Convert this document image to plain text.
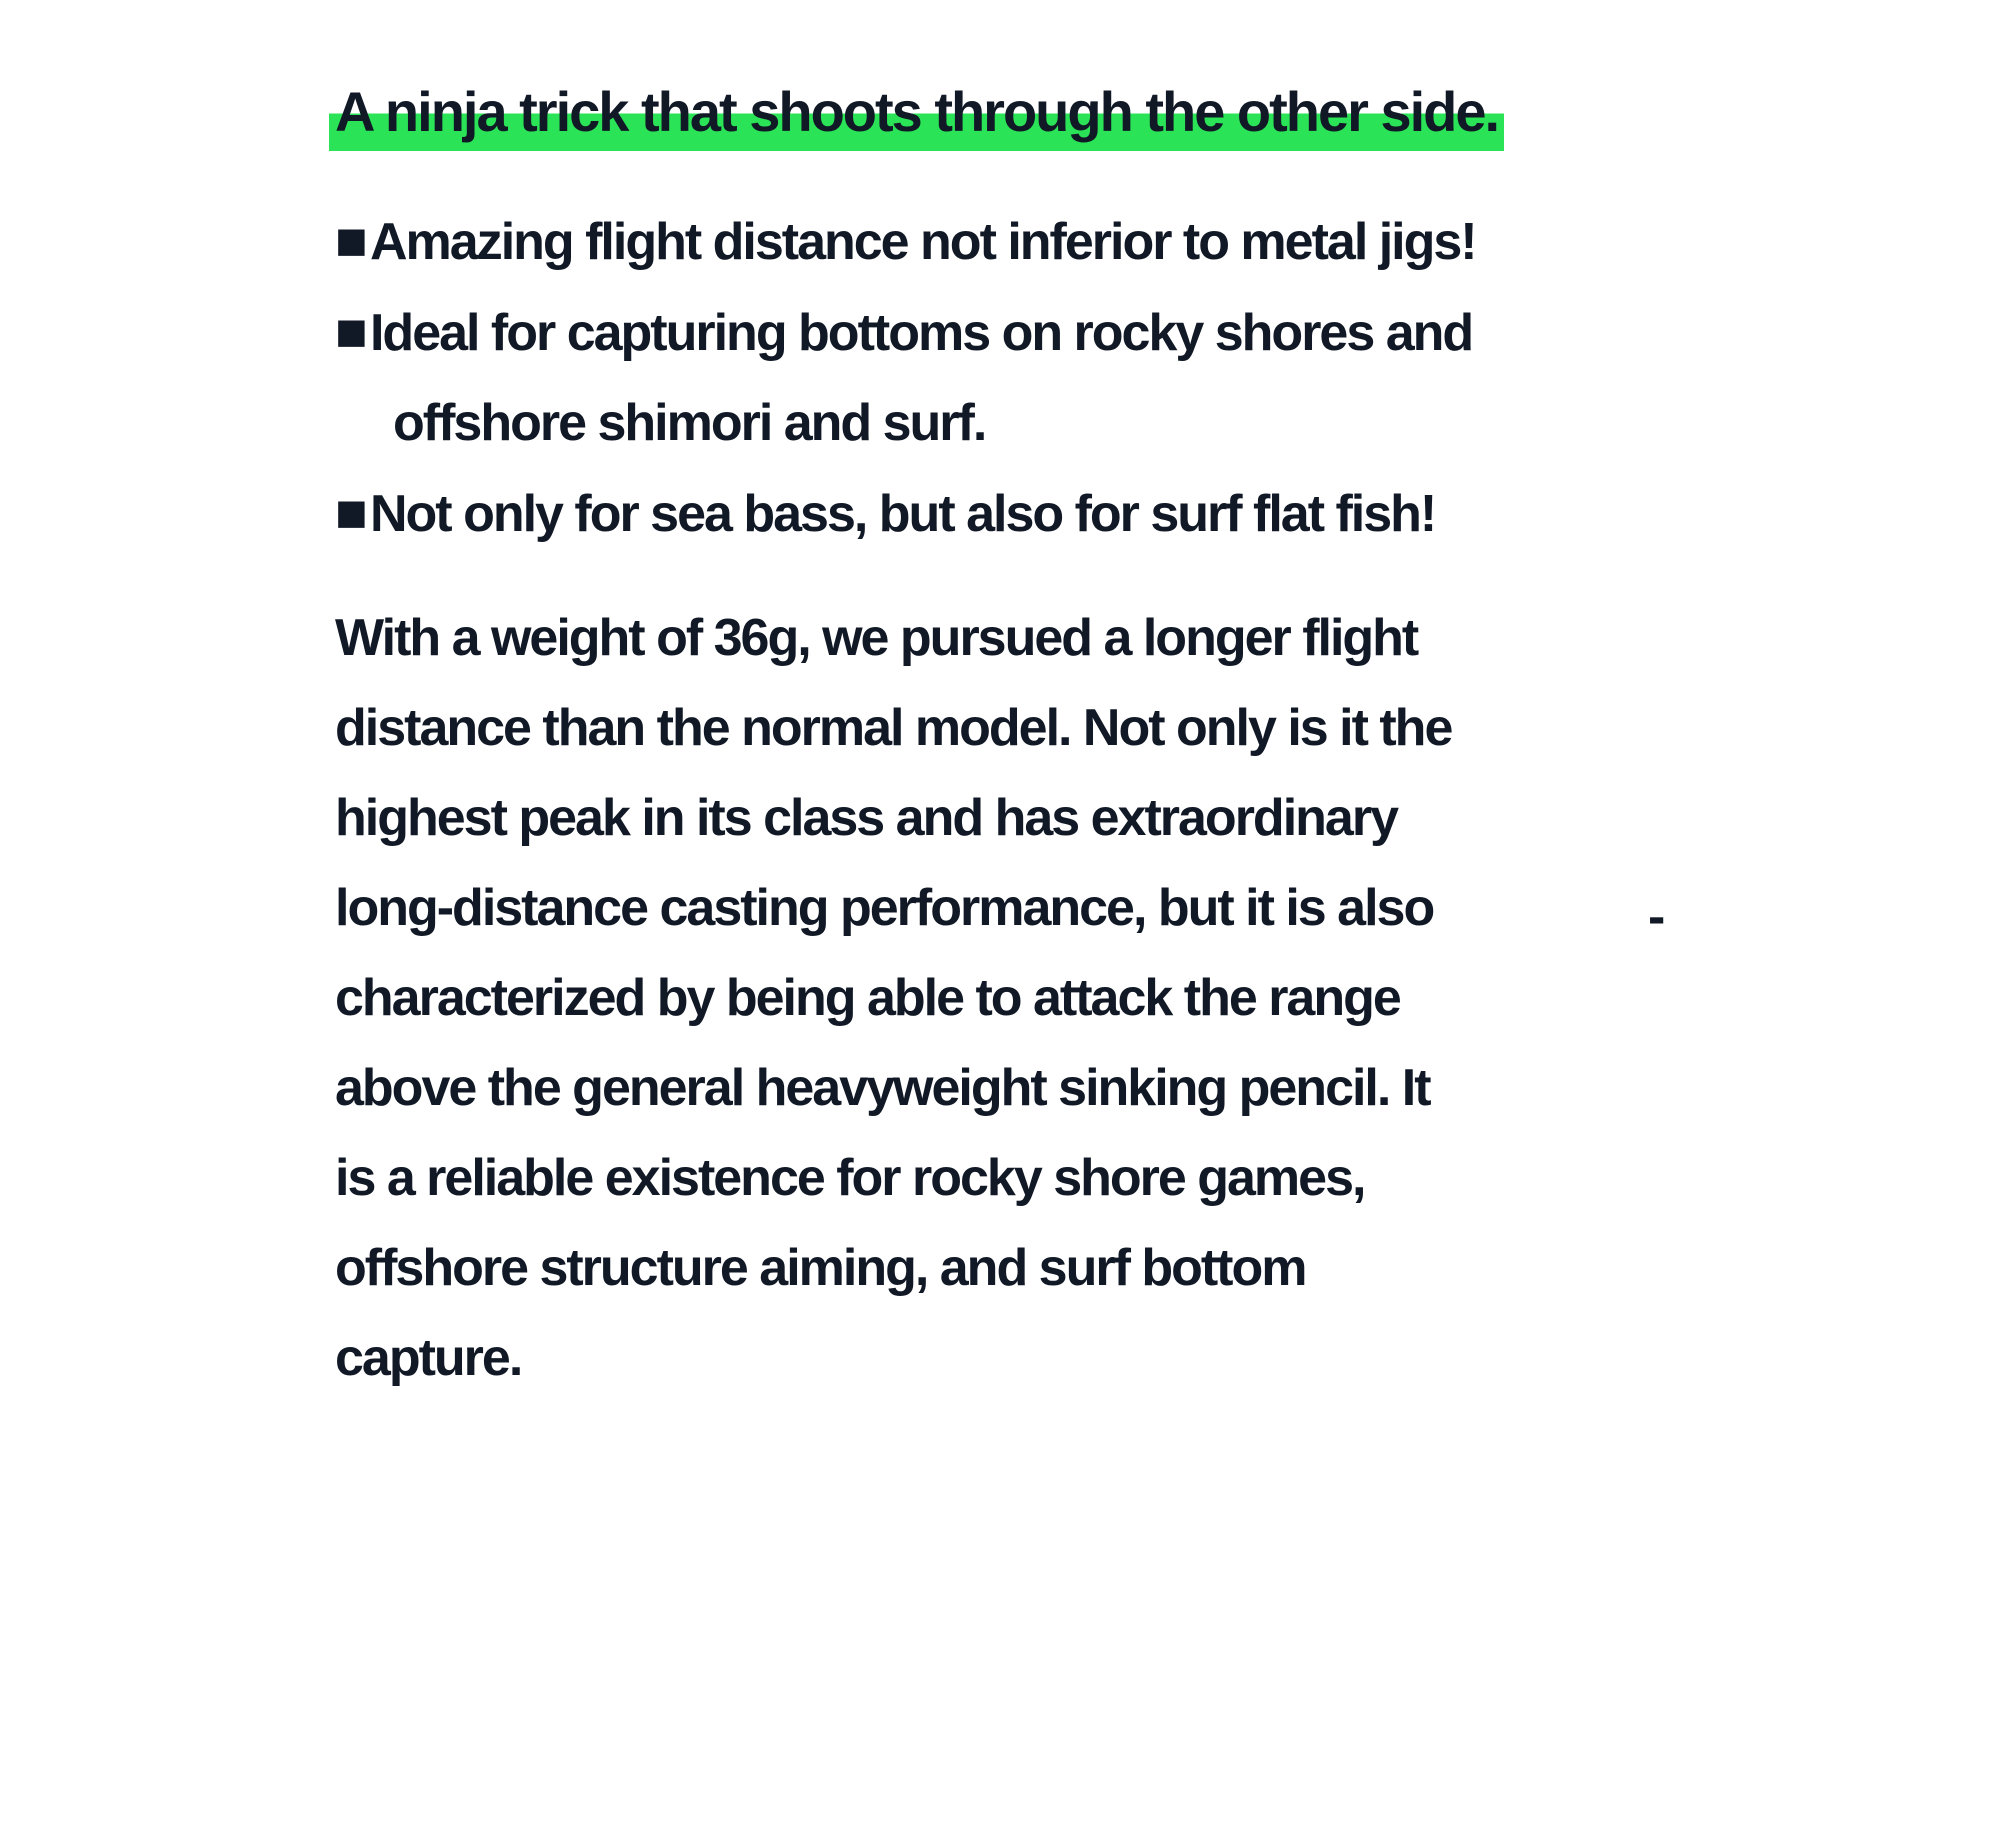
A ninja trick that shoots through the other side.
■Amazing flight distance not inferior to metal jigs!
■Ideal for capturing bottoms on rocky shores and offshore shimori and surf.
■Not only for sea bass, but also for surf flat fish!

With a weight of 36g, we pursued a longer flight distance than the normal model. Not only is it the highest peak in its class and has extraordinary long-distance casting performance, but it is also characterized by being able to attack the range above the general heavyweight sinking pencil. It is a reliable existence for rocky shore games, offshore structure aiming, and surf bottom capture.

-
